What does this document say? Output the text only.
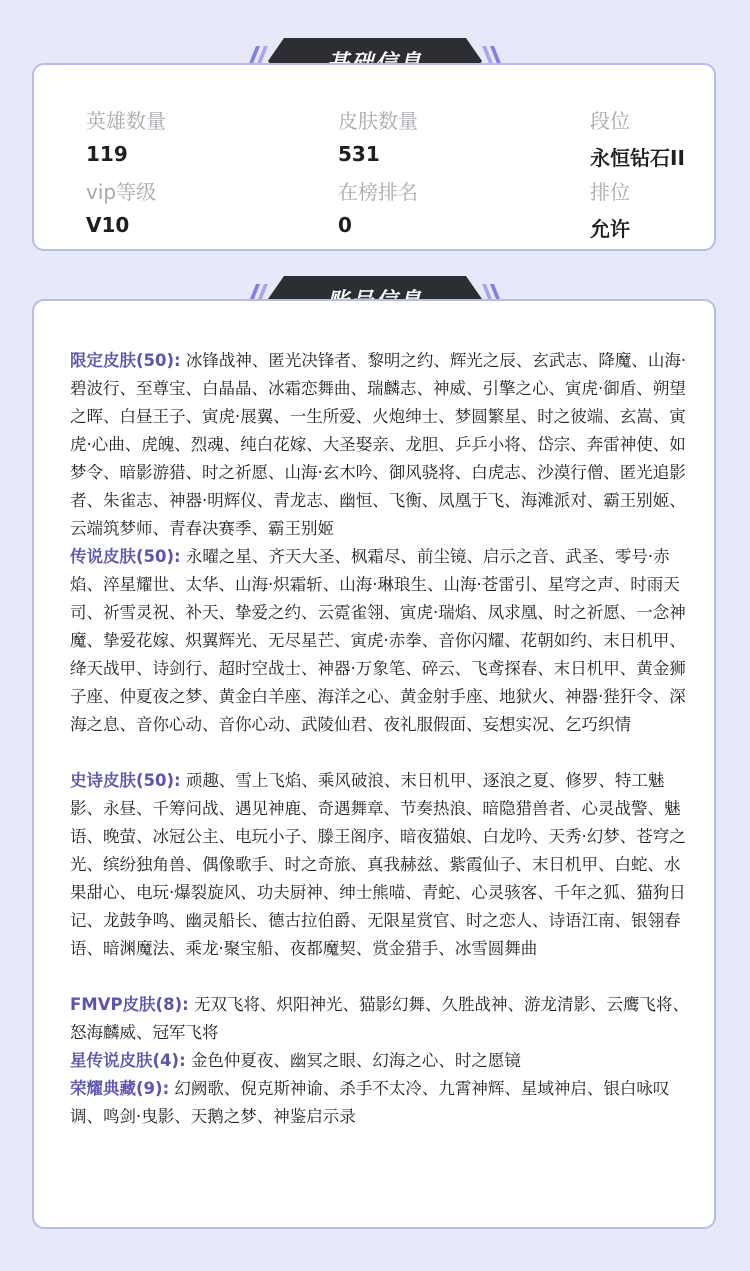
英雄数量
119
皮肤数量
531
段位
永恒钻石II
vip等级
V10
在榜排名
0
排位
允许

限定皮肤(50): 冰锋战神、匿光决锋者、黎明之约、辉光之辰、玄武志、降魔、山海·碧波行、至尊宝、白晶晶、冰霜恋舞曲、瑞麟志、神威、引擎之心、寅虎·御盾、朔望之晖、白昼王子、寅虎·展翼、一生所爱、火炮绅士、梦圆繁星、时之彼端、玄嵩、寅虎·心曲、虎魄、烈魂、纯白花嫁、大圣娶亲、龙胆、乒乒小将、岱宗、奔雷神使、如梦令、暗影游猎、时之祈愿、山海·玄木吟、御风骁将、白虎志、沙漠行僧、匿光追影者、朱雀志、神器·明辉仪、青龙志、幽恒、飞衡、凤凰于飞、海滩派对、霸王别姬、云端筑梦师、青春决赛季、霸王别姬

传说皮肤(50): 永曜之星、齐天大圣、枫霜尽、前尘镜、启示之音、武圣、零号·赤焰、淬星耀世、太华、山海·炽霜斩、山海·琳琅生、山海·苍雷引、星穹之声、时雨天司、祈雪灵祝、补天、挚爱之约、云霓雀翎、寅虎·瑞焰、凤求凰、时之祈愿、一念神魔、挚爱花嫁、炽翼辉光、无尽星芒、寅虎·赤拳、音你闪耀、花朝如约、末日机甲、绛天战甲、诗剑行、超时空战士、神器·万象笔、碎云、飞鸢探春、末日机甲、黄金狮子座、仲夏夜之梦、黄金白羊座、海洋之心、黄金射手座、地狱火、神器·狴犴令、深海之息、音你心动、音你心动、武陵仙君、夜礼服假面、妄想实况、乞巧织情

史诗皮肤(50): 顽趣、雪上飞焰、乘风破浪、末日机甲、逐浪之夏、修罗、特工魅影、永昼、千筹问战、遇见神鹿、奇遇舞章、节奏热浪、暗隐猎兽者、心灵战警、魅语、晚萤、冰冠公主、电玩小子、滕王阁序、暗夜猫娘、白龙吟、天秀·幻梦、苍穹之光、缤纷独角兽、偶像歌手、时之奇旅、真我赫兹、紫霞仙子、末日机甲、白蛇、水果甜心、电玩·爆裂旋风、功夫厨神、绅士熊喵、青蛇、心灵骇客、千年之狐、猫狗日记、龙鼓争鸣、幽灵船长、德古拉伯爵、无限星赏官、时之恋人、诗语江南、银翎春语、暗渊魔法、乘龙·聚宝船、夜都魔契、赏金猎手、冰雪圆舞曲

FMVP皮肤(8): 无双飞将、炽阳神光、猫影幻舞、久胜战神、游龙清影、云鹰飞将、怒海麟威、冠军飞将

星传说皮肤(4): 金色仲夏夜、幽冥之眼、幻海之心、时之愿镜

荣耀典藏(9): 幻阙歌、倪克斯神谕、杀手不太冷、九霄神辉、星域神启、银白咏叹调、鸣剑·曳影、天鹅之梦、神鉴启示录
